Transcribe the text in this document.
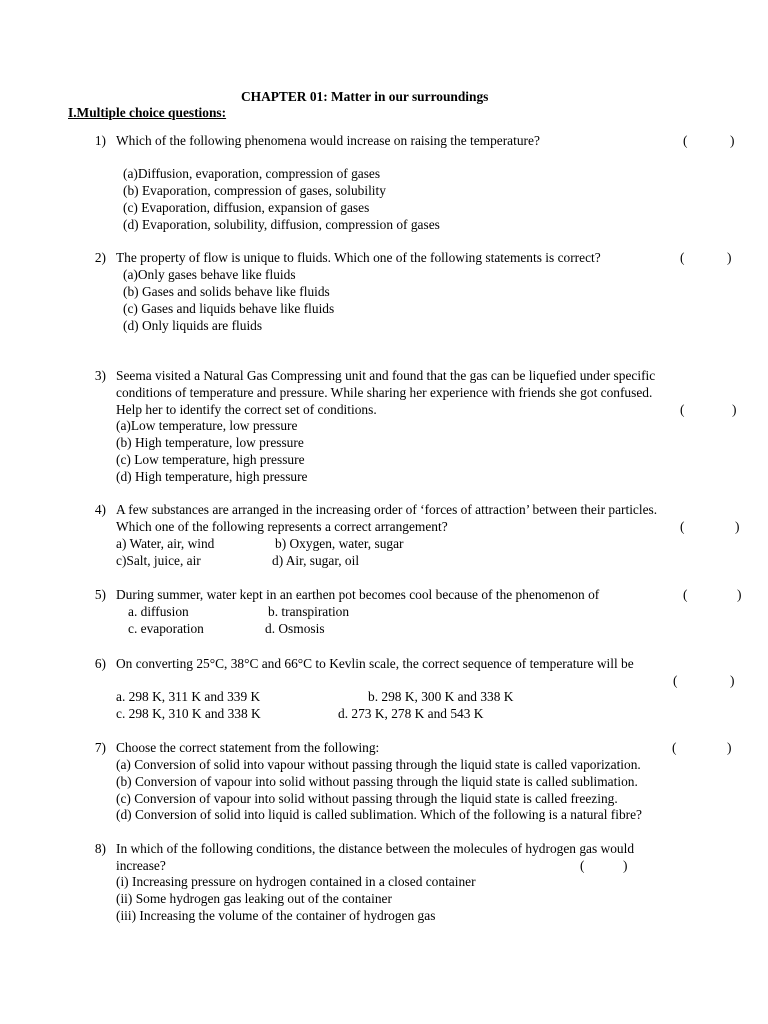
CHAPTER 01: Matter in our surroundings
I.Multiple choice questions:
1) Which of the following phenomena would increase on raising the temperature?	(	)
(a)Diffusion, evaporation, compression of gases
(b) Evaporation, compression of gases, solubility
(c) Evaporation, diffusion, expansion of gases
(d) Evaporation, solubility, diffusion, compression of gases
2) The property of flow is unique to fluids. Which one of the following statements is correct?	(	)
(a)Only gases behave like fluids
(b) Gases and solids behave like fluids
(c) Gases and liquids behave like fluids
(d) Only liquids are fluids
3) Seema visited a Natural Gas Compressing unit and found that the gas can be liquefied under specific
conditions of temperature and pressure. While sharing her experience with friends she got confused.
Help her to identify the correct set of conditions.	(	)
(a)Low temperature, low pressure
(b) High temperature, low pressure
(c) Low temperature, high pressure
(d) High temperature, high pressure
4) A few substances are arranged in the increasing order of ‘forces of attraction’ between their particles.
Which one of the following represents a correct arrangement?	(	)
a) Water, air, wind	b) Oxygen, water, sugar
c)Salt, juice, air	d) Air, sugar, oil
5) During summer, water kept in an earthen pot becomes cool because of the phenomenon of	(	)
a. diffusion	b. transpiration
c. evaporation	d. Osmosis
6) On converting 25°C, 38°C and 66°C to Kevlin scale, the correct sequence of temperature will be
(	)
a. 298 K, 311 K and 339 K	b. 298 K, 300 K and 338 K
c. 298 K, 310 K and 338 K	d. 273 K, 278 K and 543 K
7) Choose the correct statement from the following:	(	)
(a) Conversion of solid into vapour without passing through the liquid state is called vaporization.
(b) Conversion of vapour into solid without passing through the liquid state is called sublimation.
(c) Conversion of vapour into solid without passing through the liquid state is called freezing.
(d) Conversion of solid into liquid is called sublimation. Which of the following is a natural fibre?
8) In which of the following conditions, the distance between the molecules of hydrogen gas would
increase?	(	)
(i) Increasing pressure on hydrogen contained in a closed container
(ii) Some hydrogen gas leaking out of the container
(iii) Increasing the volume of the container of hydrogen gas
